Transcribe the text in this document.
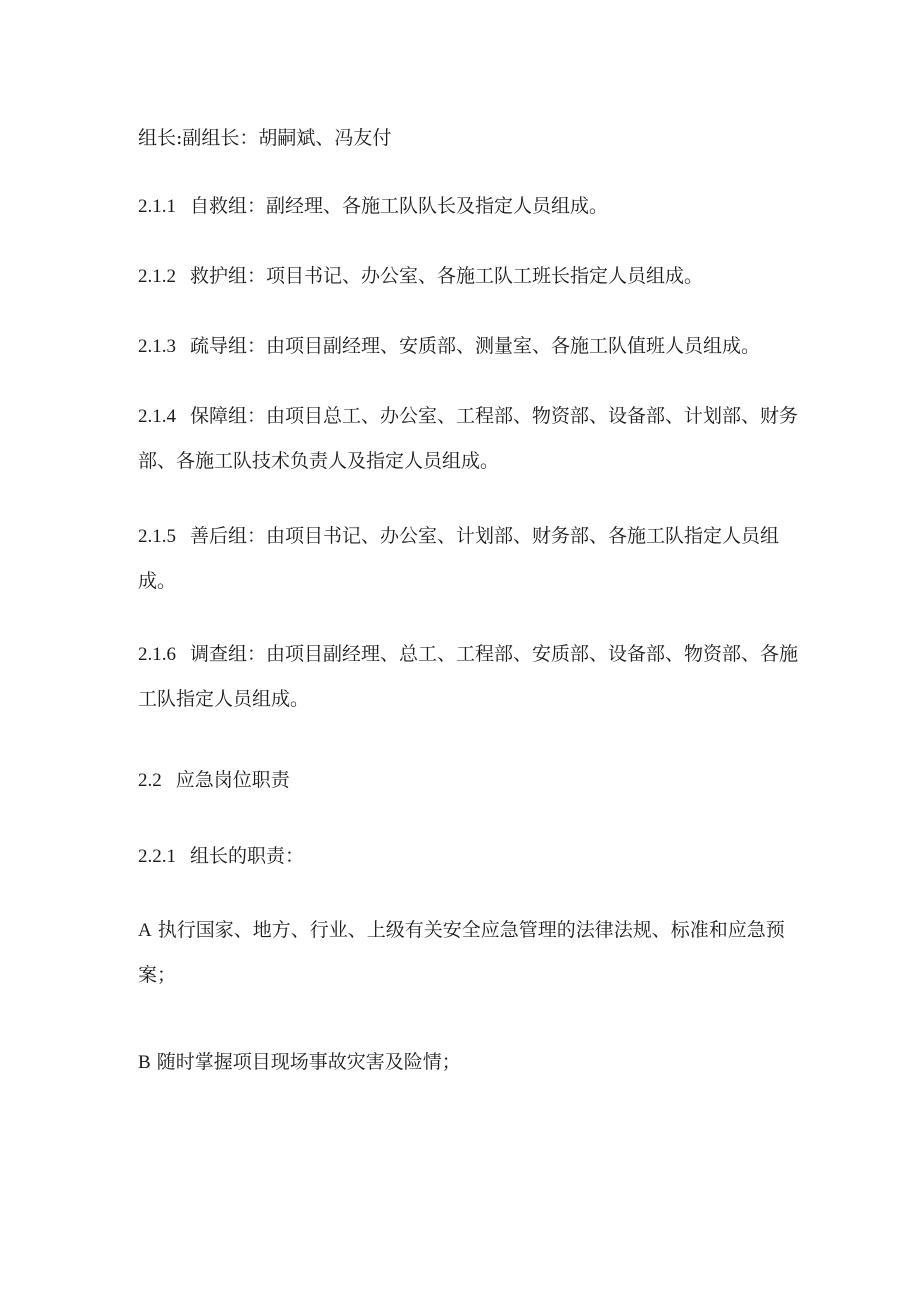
组长:副组长：胡嗣斌、冯友付
2.1.1 自救组：副经理、各施工队队长及指定人员组成。
2.1.2 救护组：项目书记、办公室、各施工队工班长指定人员组成。
2.1.3 疏导组：由项目副经理、安质部、测量室、各施工队值班人员组成。
2.1.4 保障组：由项目总工、办公室、工程部、物资部、设备部、计划部、财务部、各施工队技术负责人及指定人员组成。
2.1.5 善后组：由项目书记、办公室、计划部、财务部、各施工队指定人员组成。
2.1.6 调查组：由项目副经理、总工、工程部、安质部、设备部、物资部、各施工队指定人员组成。
2.2 应急岗位职责
2.2.1 组长的职责：
A 执行国家、地方、行业、上级有关安全应急管理的法律法规、标准和应急预案；
B 随时掌握项目现场事故灾害及险情；
